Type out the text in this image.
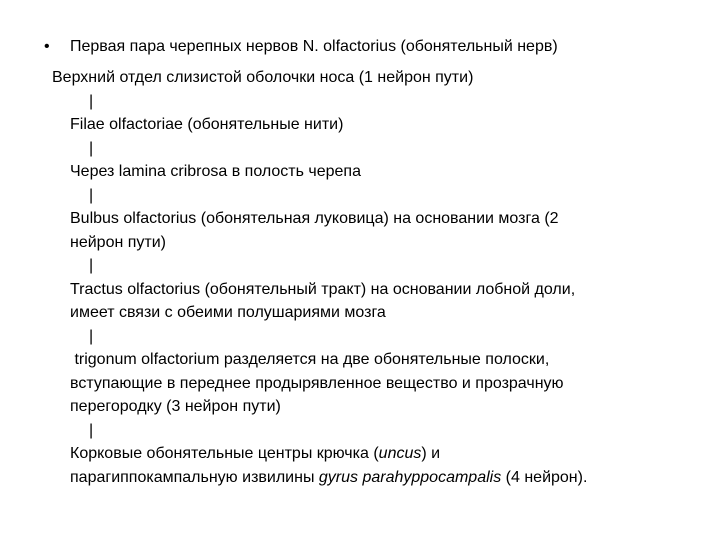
• Первая пара черепных нервов N. olfactorius (обонятельный нерв)
Верхний отдел слизистой оболочки носа (1 нейрон пути)
|
Filae olfactoriae (обонятельные нити)
|
Через lamina cribrosa в полость черепа
|
Bulbus olfactorius (обонятельная луковица) на основании мозга (2
нейрон пути)
|
Tractus olfactorius (обонятельный тракт) на основании лобной доли,
имеет связи с обеими полушариями мозга
|
trigonum olfactorium разделяется на две обонятельные полоски,
вступающие в переднее продырявленное вещество и прозрачную
перегородку (3 нейрон пути)
|
Корковые обонятельные центры крючка (uncus) и
парагиппокампальную извилины gyrus parahyppocampalis (4 нейрон).
